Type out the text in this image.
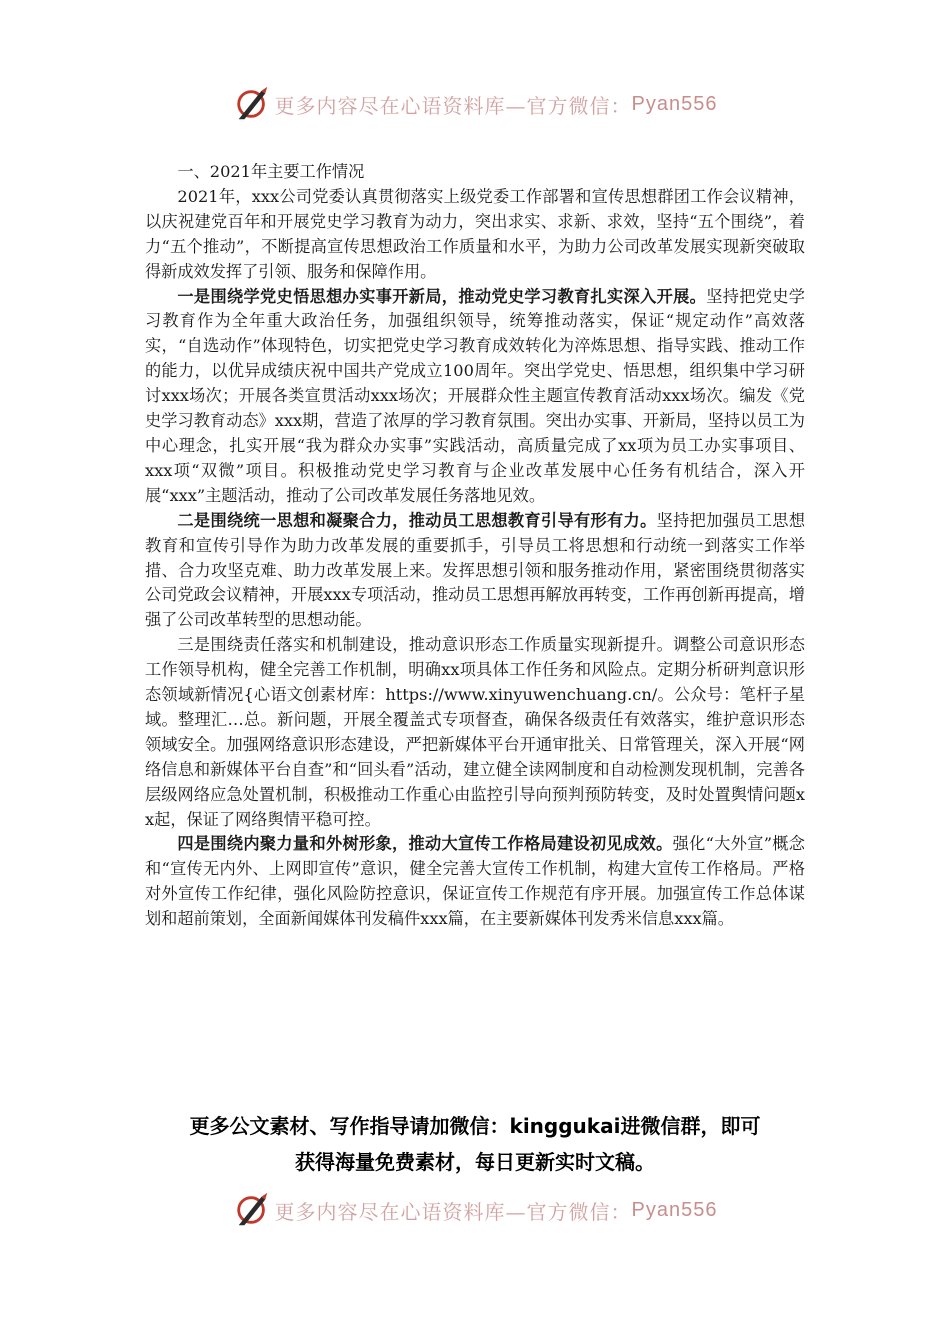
更多内容尽在心语资料库—官方微信： Pyan556
一、2021年主要工作情况

2021年，xxx公司党委认真贯彻落实上级党委工作部署和宣传思想群团工作会议精神，以庆祝建党百年和开展党史学习教育为动力，突出求实、求新、求效，坚持“五个围绕”，着力“五个推动”，不断提高宣传思想政治工作质量和水平，为助力公司改革发展实现新突破取得新成效发挥了引领、服务和保障作用。

一是围绕学党史悟思想办实事开新局，推动党史学习教育扎实深入开展。坚持把党史学习教育作为全年重大政治任务，加强组织领导，统筹推动落实，保证“规定动作”高效落实，“自选动作”体现特色，切实把党史学习教育成效转化为淬炼思想、指导实践、推动工作的能力，以优异成绩庆祝中国共产党成立100周年。突出学党史、悟思想，组织集中学习研讨xxx场次；开展各类宣贯活动xxx场次；开展群众性主题宣传教育活动xxx场次。编发《党史学习教育动态》xxx期，营造了浓厚的学习教育氛围。突出办实事、开新局，坚持以员工为中心理念，扎实开展“我为群众办实事”实践活动，高质量完成了xx项为员工办实事项目、xxx项“双微”项目。积极推动党史学习教育与企业改革发展中心任务有机结合，深入开展“xxx”主题活动，推动了公司改革发展任务落地见效。

二是围绕统一思想和凝聚合力，推动员工思想教育引导有形有力。坚持把加强员工思想教育和宣传引导作为助力改革发展的重要抓手，引导员工将思想和行动统一到落实工作举措、合力攻坚克难、助力改革发展上来。发挥思想引领和服务推动作用，紧密围绕贯彻落实公司党政会议精神，开展xxx专项活动，推动员工思想再解放再转变，工作再创新再提高，增强了公司改革转型的思想动能。

三是围绕责任落实和机制建设，推动意识形态工作质量实现新提升。调整公司意识形态工作领导机构，健全完善工作机制，明确xx项具体工作任务和风险点。定期分析研判意识形态领域新情况{心语文创素材库：https://www.xinyuwenchuang.cn/。公众号：笔杆子星域。整理汇…总。新问题，开展全覆盖式专项督查，确保各级责任有效落实，维护意识形态领域安全。加强网络意识形态建设，严把新媒体平台开通审批关、日常管理关，深入开展“网络信息和新媒体平台自查”和“回头看”活动，建立健全读网制度和自动检测发现机制，完善各层级网络应急处置机制，积极推动工作重心由监控引导向预判预防转变，及时处置舆情问题xx起，保证了网络舆情平稳可控。

四是围绕内聚力量和外树形象，推动大宣传工作格局建设初见成效。强化“大外宣”概念和“宣传无内外、上网即宣传”意识，健全完善大宣传工作机制，构建大宣传工作格局。严格对外宣传工作纪律，强化风险防控意识，保证宣传工作规范有序开展。加强宣传工作总体谋划和超前策划，全面新闻媒体刊发稿件xxx篇，在主要新媒体刊发秀米信息xxx篇。

更多公文素材、写作指导请加微信：kinggukai进微信群，即可
获得海量免费素材，每日更新实时文稿。
更多内容尽在心语资料库—官方微信： Pyan556
